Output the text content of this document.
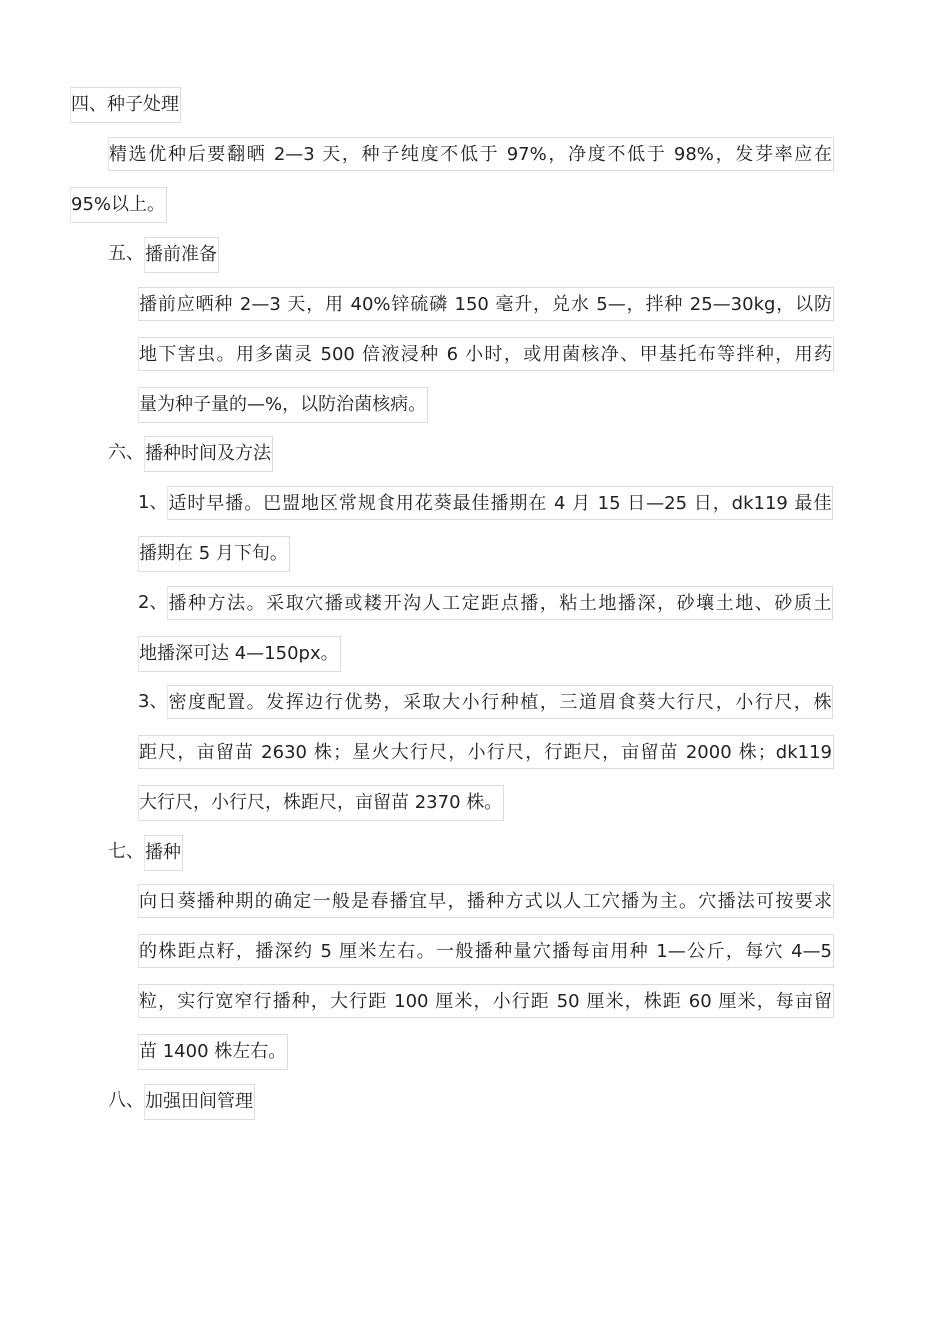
四、种子处理
精选优种后要翻晒 2—3 天，种子纯度不低于 97%，净度不低于 98%，发芽率应在
95%以上。
五、播前准备
播前应晒种 2—3 天，用 40%锌硫磷 150 毫升，兑水 5—，拌种 25—30kg，以防
地下害虫。用多菌灵 500 倍液浸种 6 小时，或用菌核净、甲基托布等拌种，用药
量为种子量的—%，以防治菌核病。
六、播种时间及方法
1、适时早播。巴盟地区常规食用花葵最佳播期在 4 月 15 日—25 日，dk119 最佳
播期在 5 月下旬。
2、播种方法。采取穴播或耧开沟人工定距点播，粘土地播深，砂壤土地、砂质土
地播深可达 4—150px。
3、密度配置。发挥边行优势，采取大小行种植，三道眉食葵大行尺，小行尺，株
距尺，亩留苗 2630 株；星火大行尺，小行尺，行距尺，亩留苗 2000 株；dk119
大行尺，小行尺，株距尺，亩留苗 2370 株。
七、播种
向日葵播种期的确定一般是春播宜早，播种方式以人工穴播为主。穴播法可按要求
的株距点籽，播深约 5 厘米左右。一般播种量穴播每亩用种 1—公斤，每穴 4—5
粒，实行宽窄行播种，大行距 100 厘米，小行距 50 厘米，株距 60 厘米，每亩留
苗 1400 株左右。
八、加强田间管理
